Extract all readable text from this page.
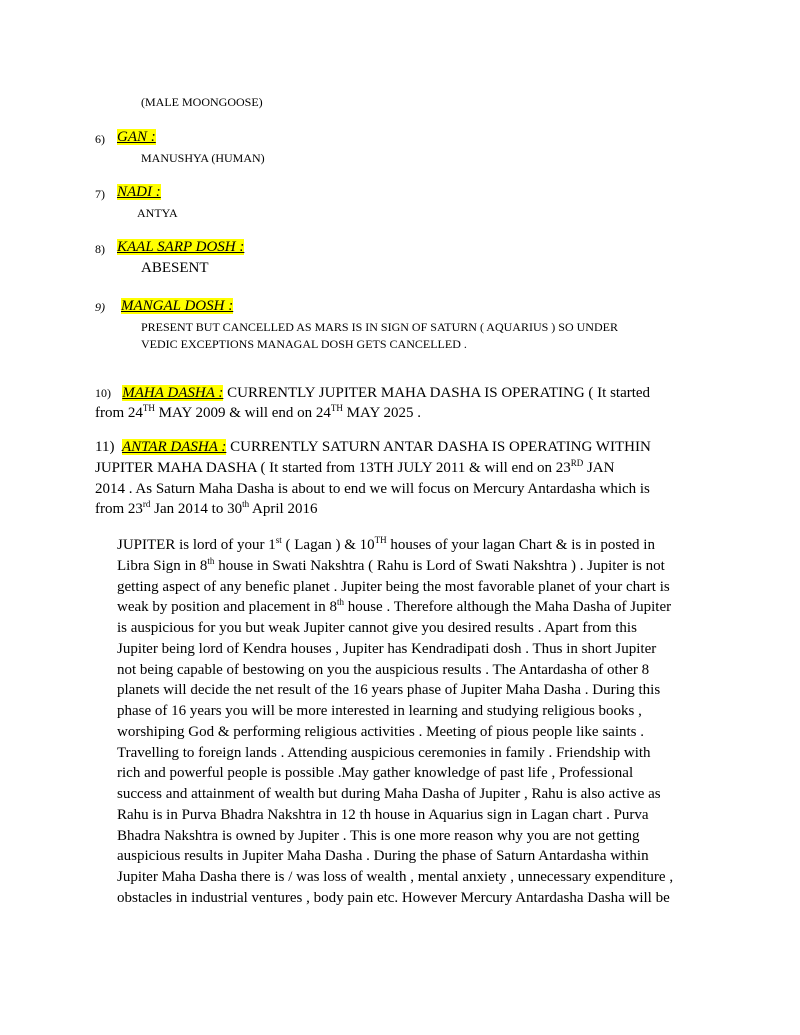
(MALE MOONGOOSE)
6) GAN :
MANUSHYA (HUMAN)
7) NADI :
ANTYA
8) KAAL SARP DOSH :
ABESENT
9) MANGAL DOSH :
PRESENT BUT CANCELLED AS MARS IS IN SIGN OF SATURN ( AQUARIUS ) SO UNDER
VEDIC EXCEPTIONS MANAGAL DOSH GETS CANCELLED .
10) MAHA DASHA : CURRENTLY JUPITER MAHA DASHA IS OPERATING ( It started
from 24TH MAY 2009 & will end on 24TH MAY 2025 .
11) ANTAR DASHA : CURRENTLY SATURN ANTAR DASHA IS OPERATING WITHIN
JUPITER MAHA DASHA ( It started from 13TH JULY 2011 & will end on 23RD JAN
2014 . As Saturn Maha Dasha is about to end we will focus on Mercury Antardasha which is
from 23rd Jan 2014 to 30th April 2016
JUPITER is lord of your 1st ( Lagan ) & 10TH houses of your lagan Chart & is in posted in
Libra Sign in 8th house in Swati Nakshtra ( Rahu is Lord of Swati Nakshtra ) . Jupiter is not
getting aspect of any benefic planet . Jupiter being the most favorable planet of your chart is
weak by position and placement in 8th house . Therefore although the Maha Dasha of Jupiter
is auspicious for you but weak Jupiter cannot give you desired results . Apart from this
Jupiter being lord of Kendra houses , Jupiter has Kendradipati dosh . Thus in short Jupiter
not being capable of bestowing on you the auspicious results . The Antardasha of other 8
planets will decide the net result of the 16 years phase of Jupiter Maha Dasha . During this
phase of 16 years you will be more interested in learning and studying religious books ,
worshiping God & performing religious activities . Meeting of pious people like saints .
Travelling to foreign lands . Attending auspicious ceremonies in family . Friendship with
rich and powerful people is possible .May gather knowledge of past life , Professional
success and attainment of wealth but during Maha Dasha of Jupiter , Rahu is also active as
Rahu is in Purva Bhadra Nakshtra in 12 th house in Aquarius sign in Lagan chart . Purva
Bhadra Nakshtra is owned by Jupiter . This is one more reason why you are not getting
auspicious results in Jupiter Maha Dasha . During the phase of Saturn Antardasha within
Jupiter Maha Dasha there is / was loss of wealth , mental anxiety , unnecessary expenditure ,
obstacles in industrial ventures , body pain etc. However Mercury Antardasha Dasha will be
